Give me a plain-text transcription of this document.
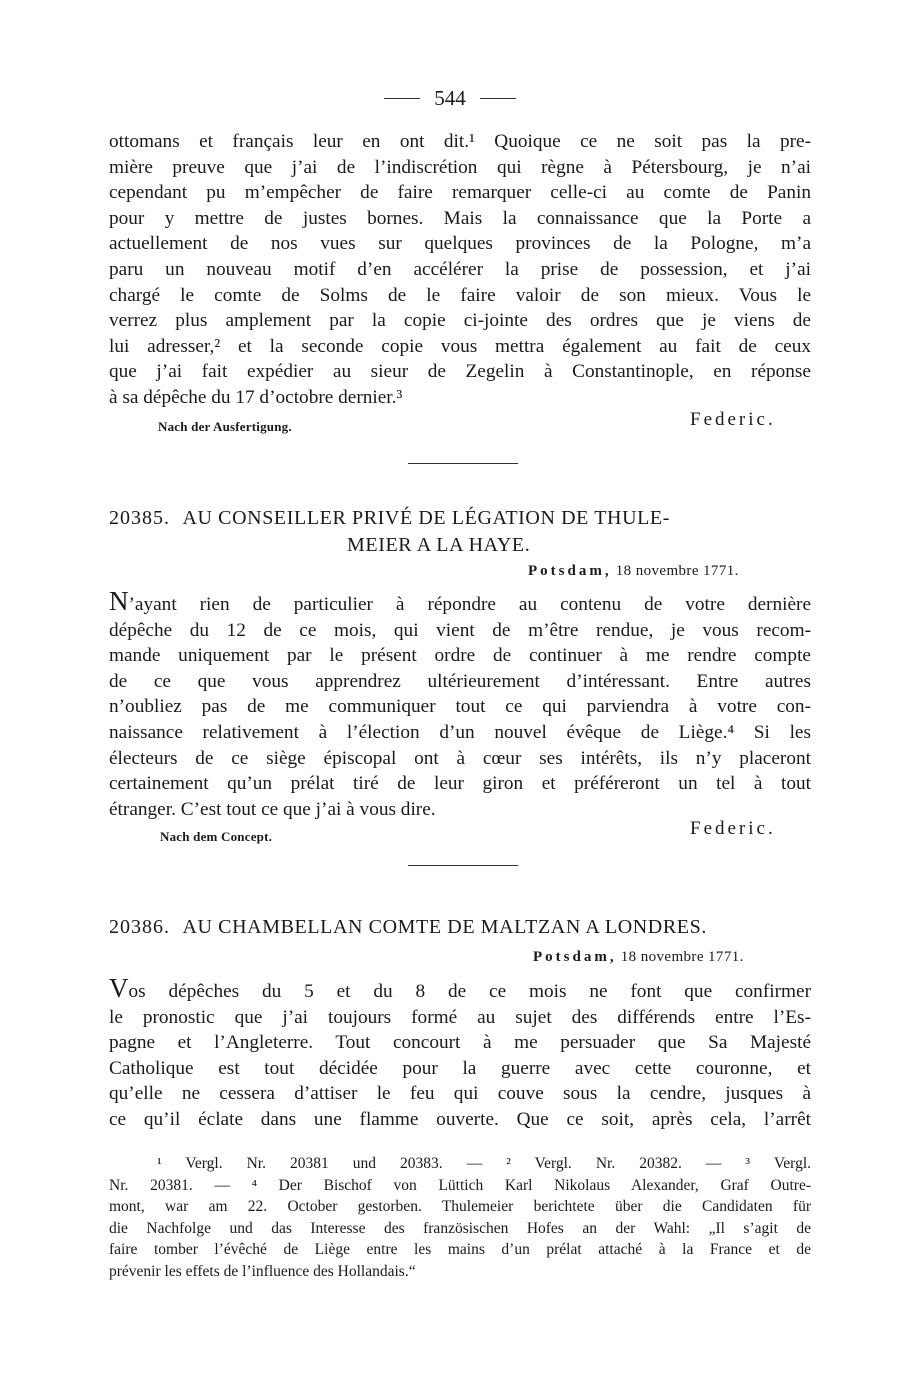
544
ottomans et français leur en ont dit.¹ Quoique ce ne soit pas la pre-
mière preuve que j’ai de l’indiscrétion qui règne à Pétersbourg, je n’ai
cependant pu m’empêcher de faire remarquer celle-ci au comte de Panin
pour y mettre de justes bornes. Mais la connaissance que la Porte a
actuellement de nos vues sur quelques provinces de la Pologne, m’a
paru un nouveau motif d’en accélérer la prise de possession, et j’ai
chargé le comte de Solms de le faire valoir de son mieux. Vous le
verrez plus amplement par la copie ci-jointe des ordres que je viens de
lui adresser,² et la seconde copie vous mettra également au fait de ceux
que j’ai fait expédier au sieur de Zegelin à Constantinople, en réponse
à sa dépêche du 17 d’octobre dernier.³
Nach der Ausfertigung.	Federic.
20385. AU CONSEILLER PRIVÉ DE LÉGATION DE THULE-
MEIER A LA HAYE.
Potsdam, 18 novembre 1771.
N’ayant rien de particulier à répondre au contenu de votre dernière
dépêche du 12 de ce mois, qui vient de m’être rendue, je vous recom-
mande uniquement par le présent ordre de continuer à me rendre compte
de ce que vous apprendrez ultérieurement d’intéressant. Entre autres
n’oubliez pas de me communiquer tout ce qui parviendra à votre con-
naissance relativement à l’élection d’un nouvel évêque de Liège.⁴ Si les
électeurs de ce siège épiscopal ont à cœur ses intérêts, ils n’y placeront
certainement qu’un prélat tiré de leur giron et préféreront un tel à tout
étranger. C’est tout ce que j’ai à vous dire.
Nach dem Concept.	Federic.
20386. AU CHAMBELLAN COMTE DE MALTZAN A LONDRES.
Potsdam, 18 novembre 1771.
Vos dépêches du 5 et du 8 de ce mois ne font que confirmer
le pronostic que j’ai toujours formé au sujet des différends entre l’Es-
pagne et l’Angleterre. Tout concourt à me persuader que Sa Majesté
Catholique est tout décidée pour la guerre avec cette couronne, et
qu’elle ne cessera d’attiser le feu qui couve sous la cendre, jusques à
ce qu’il éclate dans une flamme ouverte. Que ce soit, après cela, l’arrêt
¹ Vergl. Nr. 20381 und 20383. — ² Vergl. Nr. 20382. — ³ Vergl.
Nr. 20381. — ⁴ Der Bischof von Lüttich Karl Nikolaus Alexander, Graf Outre-
mont, war am 22. October gestorben. Thulemeier berichtete über die Candidaten für
die Nachfolge und das Interesse des französischen Hofes an der Wahl: „Il s’agit de
faire tomber l’évêché de Liège entre les mains d’un prélat attaché à la France et de
prévenir les effets de l’influence des Hollandais.“
